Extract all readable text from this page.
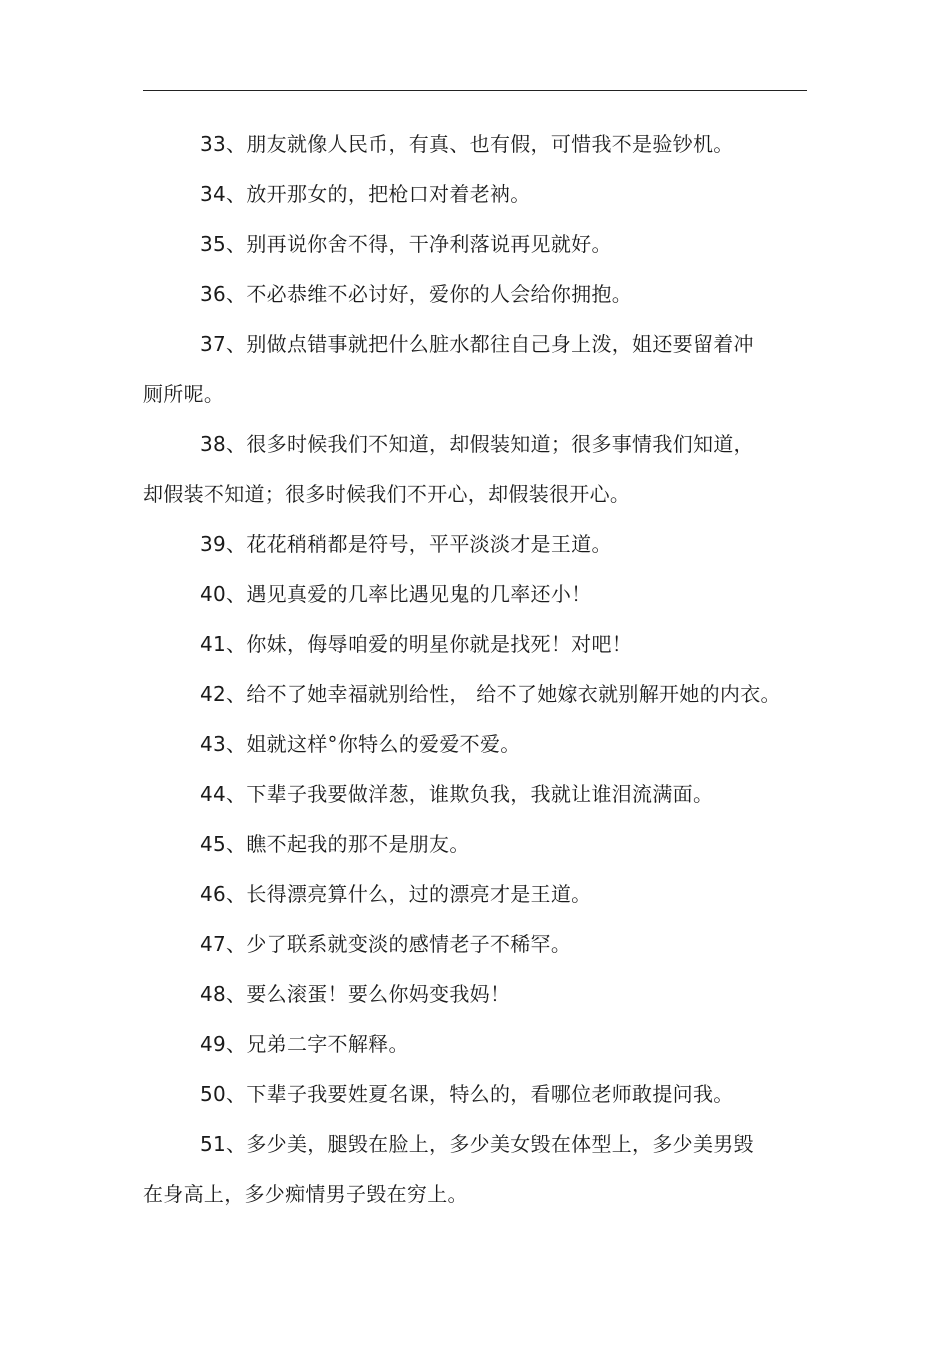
33、朋友就像人民币，有真、也有假，可惜我不是验钞机。
34、放开那女的，把枪口对着老衲。
35、别再说你舍不得，干净利落说再见就好。
36、不必恭维不必讨好，爱你的人会给你拥抱。
37、别做点错事就把什么脏水都往自己身上泼，姐还要留着冲
厕所呢。
38、很多时候我们不知道，却假装知道；很多事情我们知道，
却假装不知道；很多时候我们不开心，却假装很开心。
39、花花稍稍都是符号，平平淡淡才是王道。
40、遇见真爱的几率比遇见鬼的几率还小！
41、你妹，侮辱咱爱的明星你就是找死！对吧！
42、给不了她幸福就别给性， 给不了她嫁衣就别解开她的内衣。
43、姐就这样°你特么的爱爱不爱。
44、下辈子我要做洋葱，谁欺负我，我就让谁泪流满面。
45、瞧不起我的那不是朋友。
46、长得漂亮算什么，过的漂亮才是王道。
47、少了联系就变淡的感情老子不稀罕。
48、要么滚蛋！要么你妈变我妈！
49、兄弟二字不解释。
50、下辈子我要姓夏名课，特么的，看哪位老师敢提问我。
51、多少美，腿毁在脸上，多少美女毁在体型上，多少美男毁
在身高上，多少痴情男子毁在穷上。
